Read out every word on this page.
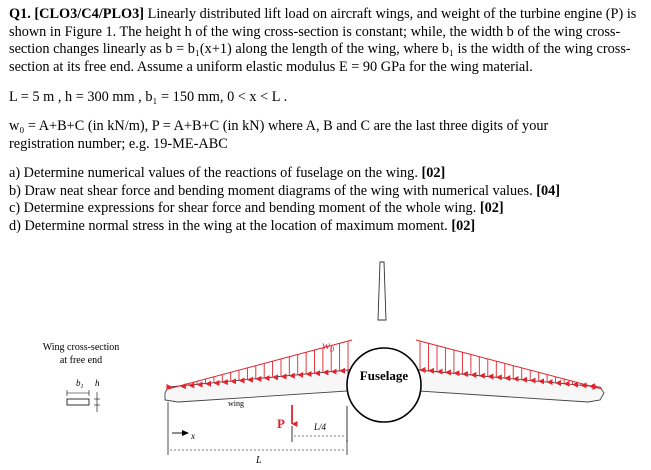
Q1. [CLO3/C4/PLO3] Linearly distributed lift load on aircraft wings, and weight of the turbine engine (P) is shown in Figure 1. The height h of the wing cross-section is constant; while, the width b of the wing cross-section changes linearly as b = b₁(x+1) along the length of the wing, where b₁ is the width of the wing cross-section at its free end. Assume a uniform elastic modulus E = 90 GPa for the wing material.
L = 5 m , h = 300 mm , b₁ = 150 mm, 0 < x < L .
w₀ = A+B+C (in kN/m), P = A+B+C (in kN) where A, B and C are the last three digits of your
registration number; e.g. 19-ME-ABC
a) Determine numerical values of the reactions of fuselage on the wing. [02]
b) Draw neat shear force and bending moment diagrams of the wing with numerical values. [04]
c) Determine expressions for shear force and bending moment of the whole wing. [02]
d) Determine normal stress in the wing at the location of maximum moment. [02]
Fuselage
$w_0$
wing
P	L/4
x
L
Wing cross-section
at free end
$b_1$ h
